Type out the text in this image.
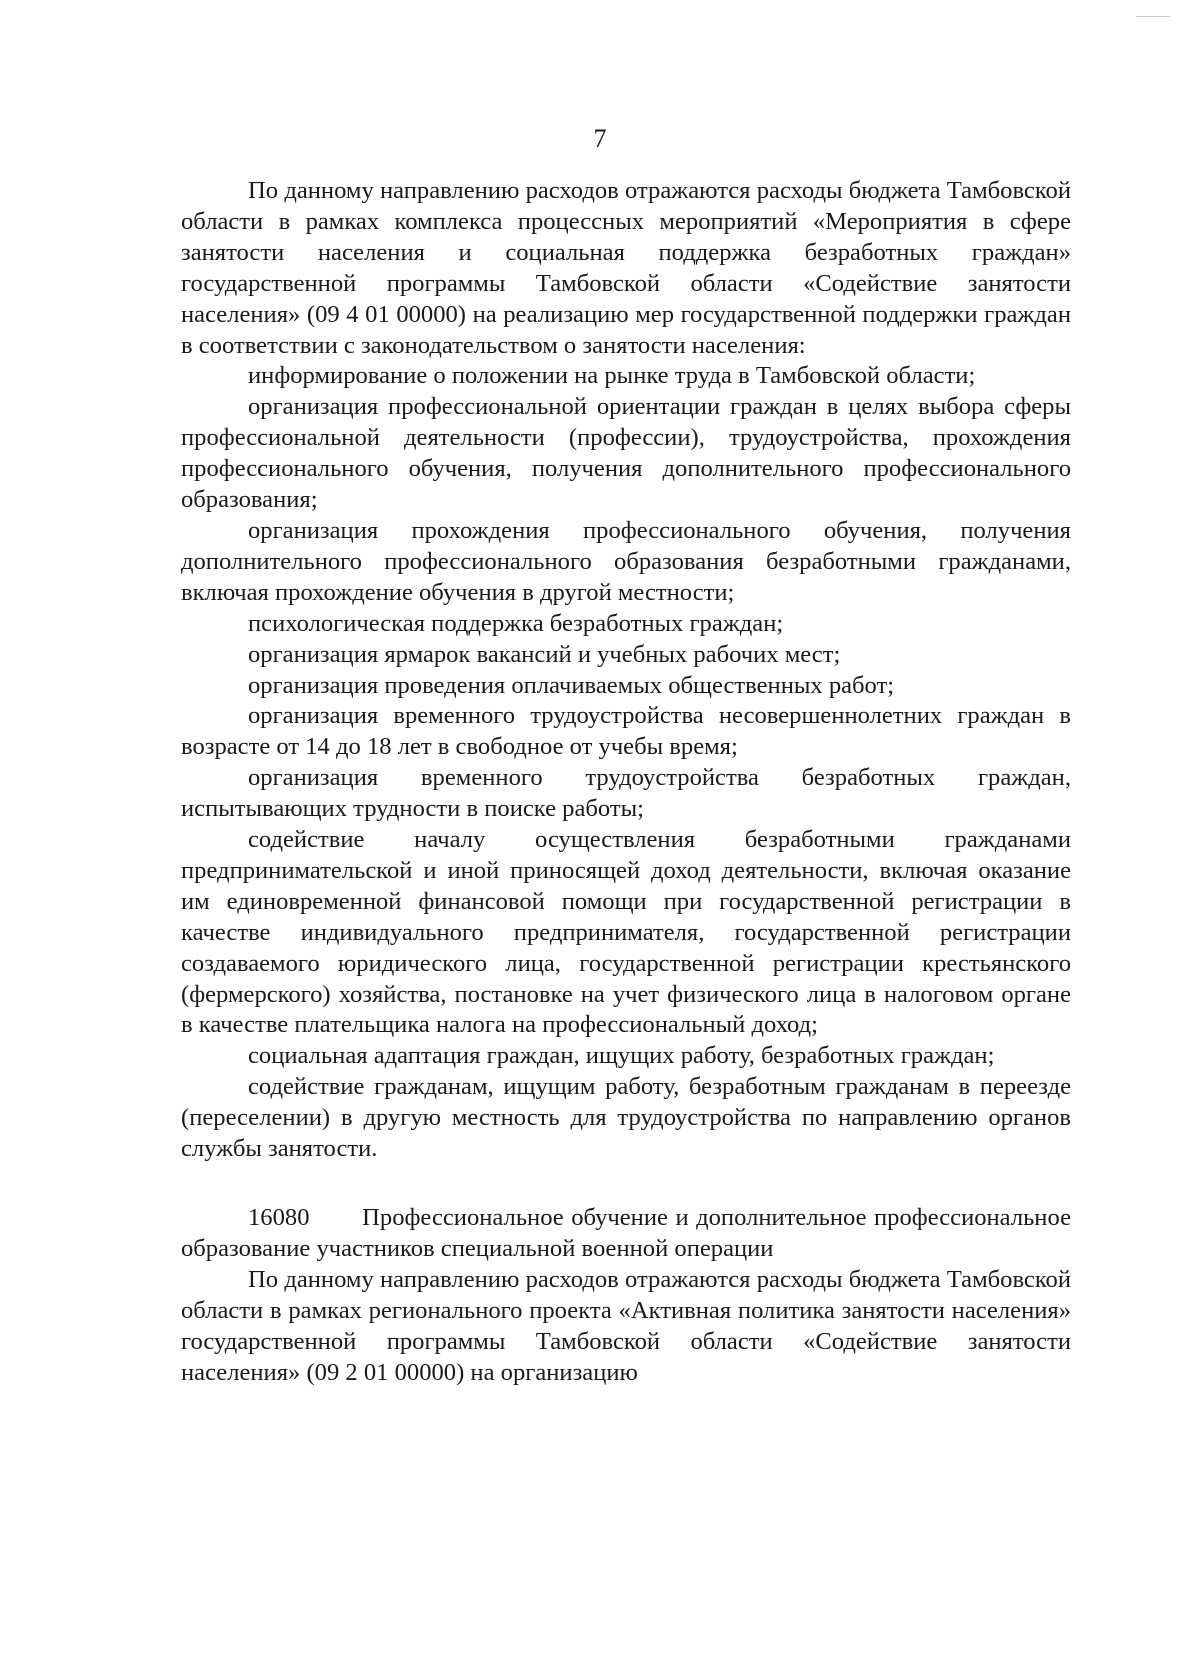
7

По данному направлению расходов отражаются расходы бюджета Тамбовской области в рамках комплекса процессных мероприятий «Мероприятия в сфере занятости населения и социальная поддержка безработных граждан» государственной программы Тамбовской области «Содействие занятости населения» (09 4 01 00000) на реализацию мер государственной поддержки граждан в соответствии с законодательством о занятости населения:

информирование о положении на рынке труда в Тамбовской области;

организация профессиональной ориентации граждан в целях выбора сферы профессиональной деятельности (профессии), трудоустройства, прохождения профессионального обучения, получения дополнительного профессионального образования;

организация прохождения профессионального обучения, получения дополнительного профессионального образования безработными гражданами, включая прохождение обучения в другой местности;

психологическая поддержка безработных граждан;

организация ярмарок вакансий и учебных рабочих мест;

организация проведения оплачиваемых общественных работ;

организация временного трудоустройства несовершеннолетних граждан в возрасте от 14 до 18 лет в свободное от учебы время;

организация временного трудоустройства безработных граждан, испытывающих трудности в поиске работы;

содействие началу осуществления безработными гражданами предпринимательской и иной приносящей доход деятельности, включая оказание им единовременной финансовой помощи при государственной регистрации в качестве индивидуального предпринимателя, государственной регистрации создаваемого юридического лица, государственной регистрации крестьянского (фермерского) хозяйства, постановке на учет физического лица в налоговом органе в качестве плательщика налога на профессиональный доход;

социальная адаптация граждан, ищущих работу, безработных граждан;

содействие гражданам, ищущим работу, безработным гражданам в переезде (переселении) в другую местность для трудоустройства по направлению органов службы занятости.

16080 Профессиональное обучение и дополнительное профессиональное образование участников специальной военной операции

По данному направлению расходов отражаются расходы бюджета Тамбовской области в рамках регионального проекта «Активная политика занятости населения» государственной программы Тамбовской области «Содействие занятости населения» (09 2 01 00000) на организацию
